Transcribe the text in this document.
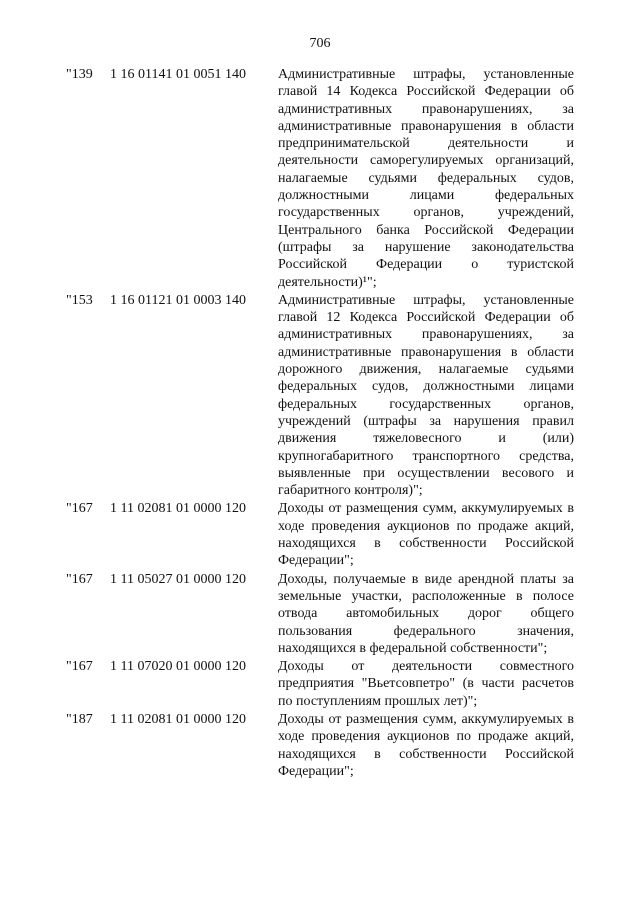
706
"139	1 16 01141 01 0051 140	Административные штрафы, установленные главой 14 Кодекса Российской Федерации об административных правонарушениях, за административные правонарушения в области предпринимательской деятельности и деятельности саморегулируемых организаций, налагаемые судьями федеральных судов, должностными лицами федеральных государственных органов, учреждений, Центрального банка Российской Федерации (штрафы за нарушение законодательства Российской Федерации о туристской деятельности)¹";
"153	1 16 01121 01 0003 140	Административные штрафы, установленные главой 12 Кодекса Российской Федерации об административных правонарушениях, за административные правонарушения в области дорожного движения, налагаемые судьями федеральных судов, должностными лицами федеральных государственных органов, учреждений (штрафы за нарушения правил движения тяжеловесного и (или) крупногабаритного транспортного средства, выявленные при осуществлении весового и габаритного контроля)";
"167	1 11 02081 01 0000 120	Доходы от размещения сумм, аккумулируемых в ходе проведения аукционов по продаже акций, находящихся в собственности Российской Федерации";
"167	1 11 05027 01 0000 120	Доходы, получаемые в виде арендной платы за земельные участки, расположенные в полосе отвода автомобильных дорог общего пользования федерального значения, находящихся в федеральной собственности";
"167	1 11 07020 01 0000 120	Доходы от деятельности совместного предприятия "Вьетсовпетро" (в части расчетов по поступлениям прошлых лет)";
"187	1 11 02081 01 0000 120	Доходы от размещения сумм, аккумулируемых в ходе проведения аукционов по продаже акций, находящихся в собственности Российской Федерации";
